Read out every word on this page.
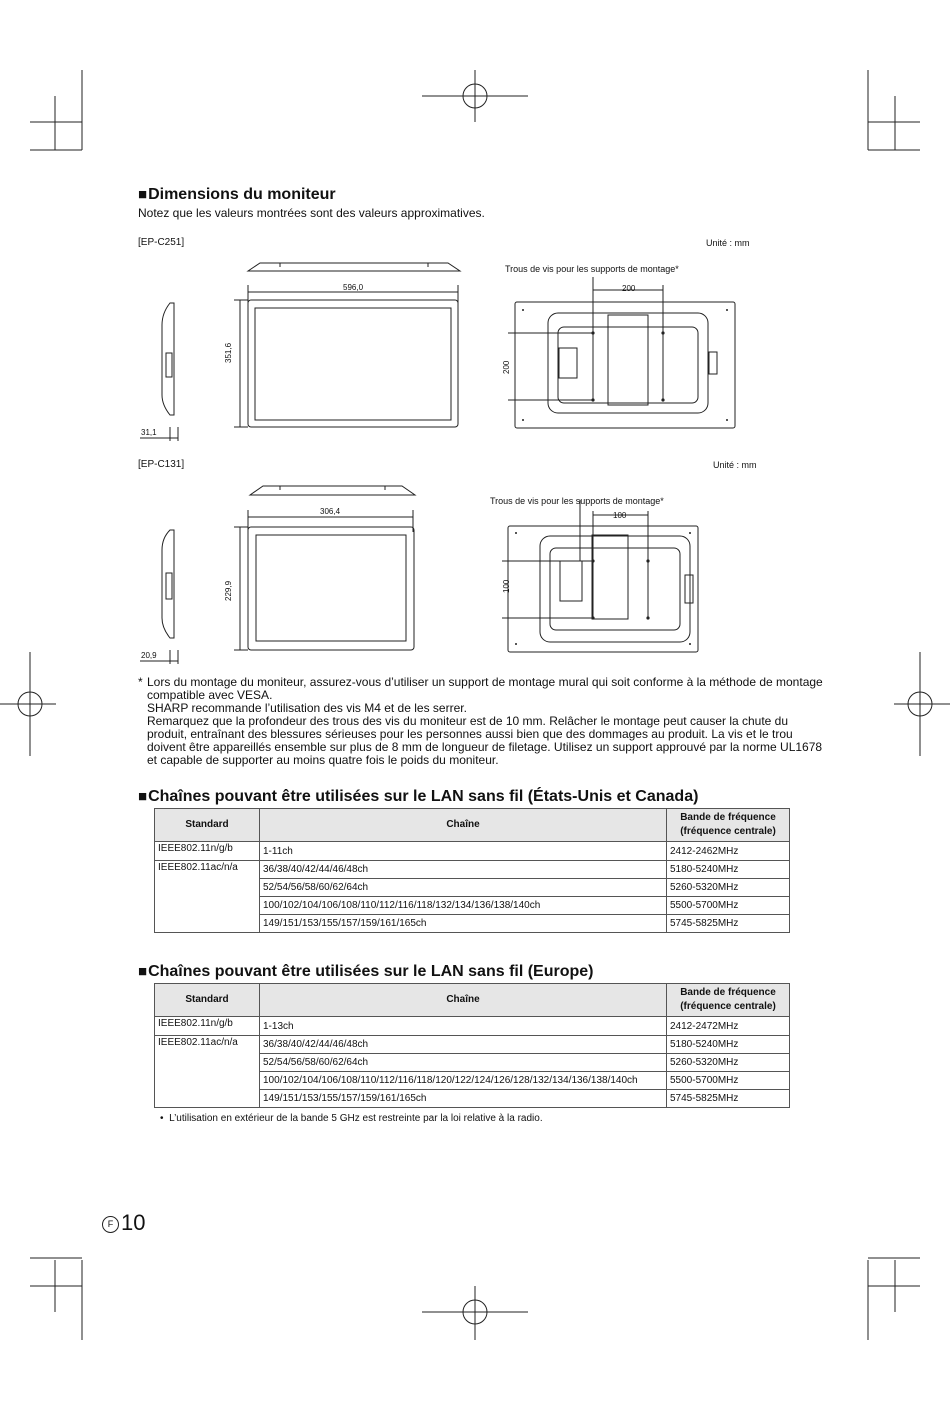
■Dimensions du moniteur
Notez que les valeurs montrées sont des valeurs approximatives.
[EP-C251]	Unité : mm
596,0
351,6
31,1
Trous de vis pour les supports de montage*
200
200
[EP-C131]	Unité : mm
306,4
229,9
20,9
Trous de vis pour les supports de montage*
100
100
* Lors du montage du moniteur, assurez-vous d’utiliser un support de montage mural qui soit conforme à la méthode de montage
compatible avec VESA.
SHARP recommande l’utilisation des vis M4 et de les serrer.
Remarquez que la profondeur des trous des vis du moniteur est de 10 mm. Relâcher le montage peut causer la chute du
produit, entraînant des blessures sérieuses pour les personnes aussi bien que des dommages au produit. La vis et le trou
doivent être appareillés ensemble sur plus de 8 mm de longueur de filetage. Utilisez un support approuvé par la norme UL1678
et capable de supporter au moins quatre fois le poids du moniteur.
■Chaînes pouvant être utilisées sur le LAN sans fil (États-Unis et Canada)
Standard	Chaîne	Bande de fréquence
(fréquence centrale)
IEEE802.11n/g/b	1-11ch	2412-2462MHz
IEEE802.11ac/n/a	36/38/40/42/44/46/48ch	5180-5240MHz
	52/54/56/58/60/62/64ch	5260-5320MHz
	100/102/104/106/108/110/112/116/118/132/134/136/138/140ch	5500-5700MHz
	149/151/153/155/157/159/161/165ch	5745-5825MHz
■Chaînes pouvant être utilisées sur le LAN sans fil (Europe)
Standard	Chaîne	Bande de fréquence
(fréquence centrale)
IEEE802.11n/g/b	1-13ch	2412-2472MHz
IEEE802.11ac/n/a	36/38/40/42/44/46/48ch	5180-5240MHz
	52/54/56/58/60/62/64ch	5260-5320MHz
	100/102/104/106/108/110/112/116/118/120/122/124/126/128/132/134/136/138/140ch	5500-5700MHz
	149/151/153/155/157/159/161/165ch	5745-5825MHz
•  L’utilisation en extérieur de la bande 5 GHz est restreinte par la loi relative à la radio.
F 10
